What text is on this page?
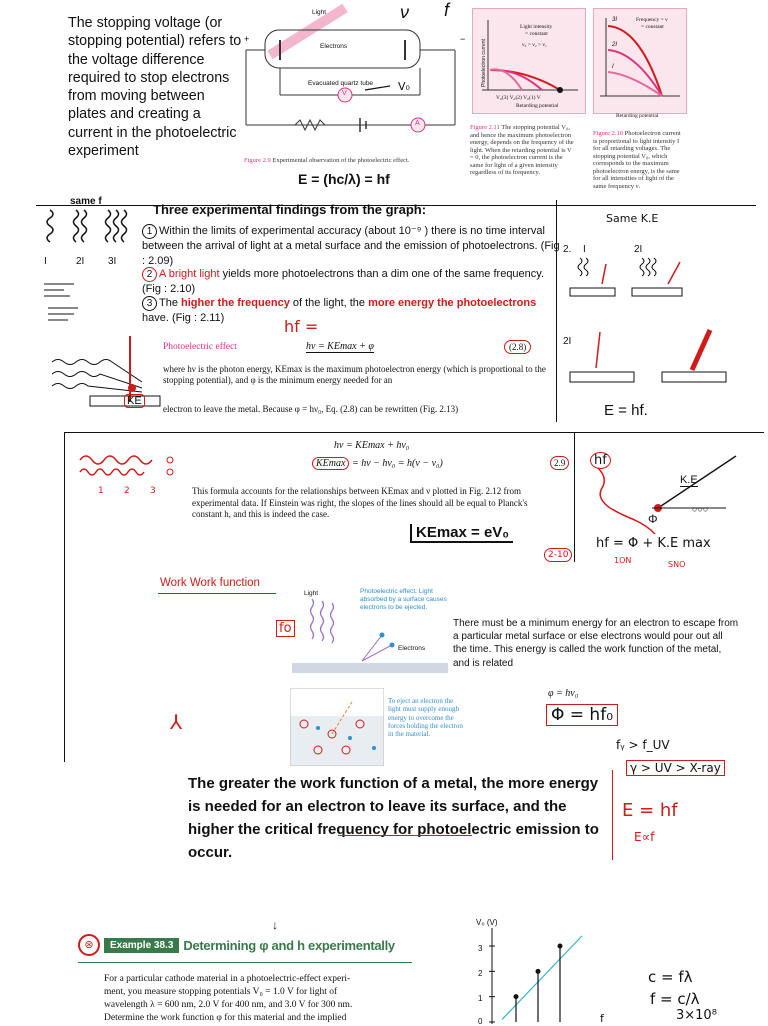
The stopping voltage (or stopping potential) refers to the voltage difference required to stop electrons from moving between plates and creating a current in the photoelectric experiment
+	−
Light
Electrons
Evacuated quartz tube
V
A
V₀
ν f
Figure 2.9 Experimental observation of the photoelectric effect.
E = (hc/λ) = hf
Light intensity
= constant
ν₃ > ν₂ > ν₁
Photoelectron current
V₀(3) V₀(2) V₀(1) V
Retarding potential
Figure 2.11 The stopping potential V₀, and hence the maximum photoelectron energy, depends on the frequency of the light. When the retarding potential is V = 0, the photoelectron current is the same for light of a given intensity regardless of its frequency.
Frequency = ν
= constant
3I
2I
I
Retarding potential
Figure 2.10 Photoelectron current is proportional to light intensity I for all retarding voltages. The stopping potential V₀, which corresponds to the maximum photoelectron energy, is the same for all intensities of light of the same frequency ν.
same f
I	2I 3I
Three experimental findings from the graph:
1 Within the limits of experimental accuracy (about 10⁻⁹ ) there is no time interval between the arrival of light at a metal surface and the emission of photoelectrons. (Fig : 2.09)
2 A bright light yields more photoelectrons than a dim one of the same frequency. (Fig : 2.10)
3 The higher the frequency of the light, the more energy the photoelectrons have. (Fig : 2.11)
Same K.E
2. I	2I
2I
E = hf.
KE
hf =
Photoelectric effect	hν = KEmax + φ	(2.8)
where hν is the photon energy, KEmax is the maximum photoelectron energy (which is proportional to the stopping potential), and φ is the minimum energy needed for an
electron to leave the metal. Because φ = hν₀, Eq. (2.8) can be rewritten (Fig. 2.13)
1 2 3
hν = KEmax + hν₀
KEmax = hν − hν₀ = h(ν − ν₀)	2.9
This formula accounts for the relationships between KEmax and ν plotted in Fig. 2.12 from experimental data. If Einstein was right, the slopes of the lines should all be equal to Planck's constant h, and this is indeed the case.
KEmax = eV₀
2-10
○○○
hf
K.E
Φ
hf = Φ + K.E max
1ON	SNO
Work Work function
fo
Light	Photoelectric effect: Light absorbed by a surface causes electrons to be ejected.
Electrons
There must be a minimum energy for an electron to escape from a particular metal surface or else electrons would pour out all the time. This energy is called the work function of the metal, and is related
φ = hν₀
Φ = hf₀
To eject an electron the light must supply enough energy to overcome the forces holding the electron in the material.
⅄
fᵧ > f_UV
γ > UV > X-ray
E = hf
E∝f
The greater the work function of a metal, the more energy is needed for an electron to leave its surface, and the higher the critical frequency for photoelectric emission to occur.
⊛	Example 38.3 Determining φ and h experimentally
For a particular cathode material in a photoelectric-effect experi-
ment, you measure stopping potentials V₀ = 1.0 V for light of
wavelength λ = 600 nm, 2.0 V for 400 nm, and 3.0 V for 300 nm.
Determine the work function φ for this material and the implied
V₀ (V)
3
2
1
0	f
↓
c = fλ
f = c/λ
3×10⁸
